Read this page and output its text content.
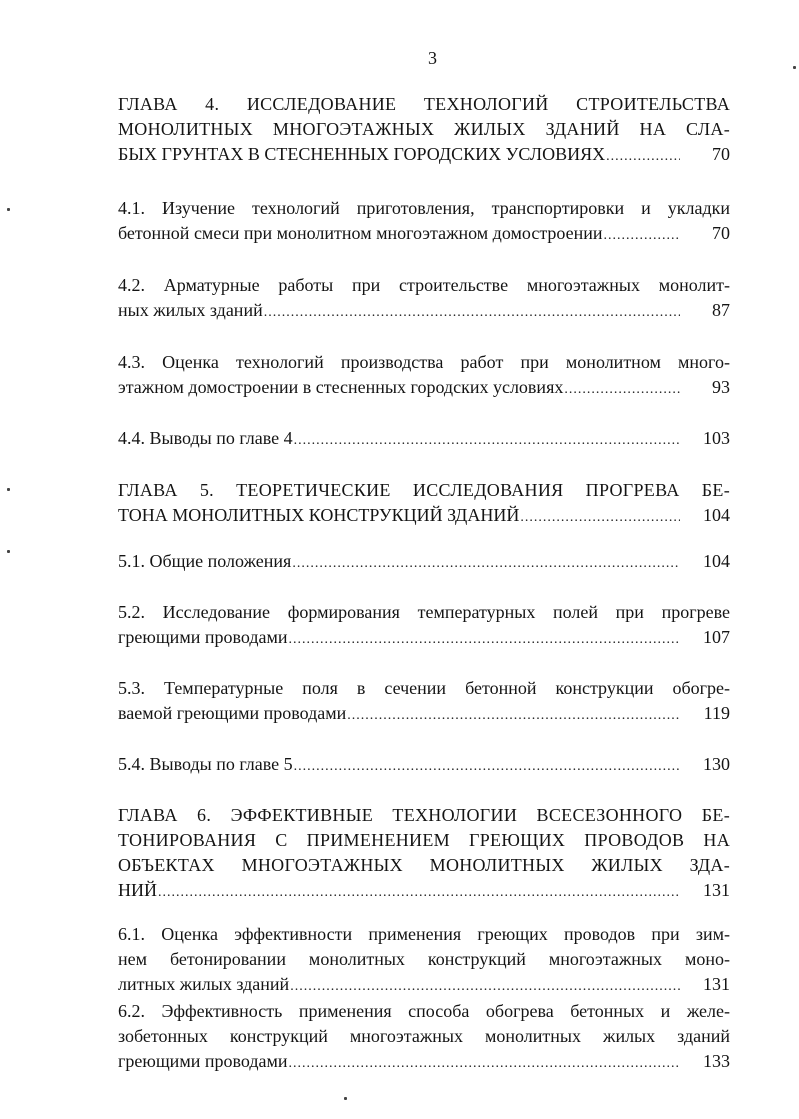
3
ГЛАВА 4. ИССЛЕДОВАНИЕ ТЕХНОЛОГИЙ СТРОИТЕЛЬСТВА
МОНОЛИТНЫХ МНОГОЭТАЖНЫХ ЖИЛЫХ ЗДАНИЙ НА СЛА-
БЫХ ГРУНТАХ В СТЕСНЕННЫХ ГОРОДСКИХ УСЛОВИЯХ .....	70
4.1. Изучение технологий приготовления, транспортировки и укладки
бетонной смеси при монолитном многоэтажном домостроении .....	70
4.2. Арматурные работы при строительстве многоэтажных монолит-
ных жилых зданий .....	87
4.3. Оценка технологий производства работ при монолитном много-
этажном домостроении в стесненных городских условиях .....	93
4.4. Выводы по главе 4 .....	103
ГЛАВА 5. ТЕОРЕТИЧЕСКИЕ ИССЛЕДОВАНИЯ ПРОГРЕВА БЕ-
ТОНА МОНОЛИТНЫХ КОНСТРУКЦИЙ ЗДАНИЙ .....	104
5.1. Общие положения .....	104
5.2. Исследование формирования температурных полей при прогреве
греющими проводами .....	107
5.3. Температурные поля в сечении бетонной конструкции обогре-
ваемой греющими проводами .....	119
5.4. Выводы по главе 5 .....	130
ГЛАВА 6. ЭФФЕКТИВНЫЕ ТЕХНОЛОГИИ ВСЕСЕЗОННОГО БЕ-
ТОНИРОВАНИЯ С ПРИМЕНЕНИЕМ ГРЕЮЩИХ ПРОВОДОВ НА
ОБЪЕКТАХ МНОГОЭТАЖНЫХ МОНОЛИТНЫХ ЖИЛЫХ ЗДА-
НИЙ .....	131
6.1. Оценка эффективности применения греющих проводов при зим-
нем бетонировании монолитных конструкций многоэтажных моно-
литных жилых зданий .....	131
6.2. Эффективность применения способа обогрева бетонных и желе-
зобетонных конструкций многоэтажных монолитных жилых зданий
греющими проводами .....	133
